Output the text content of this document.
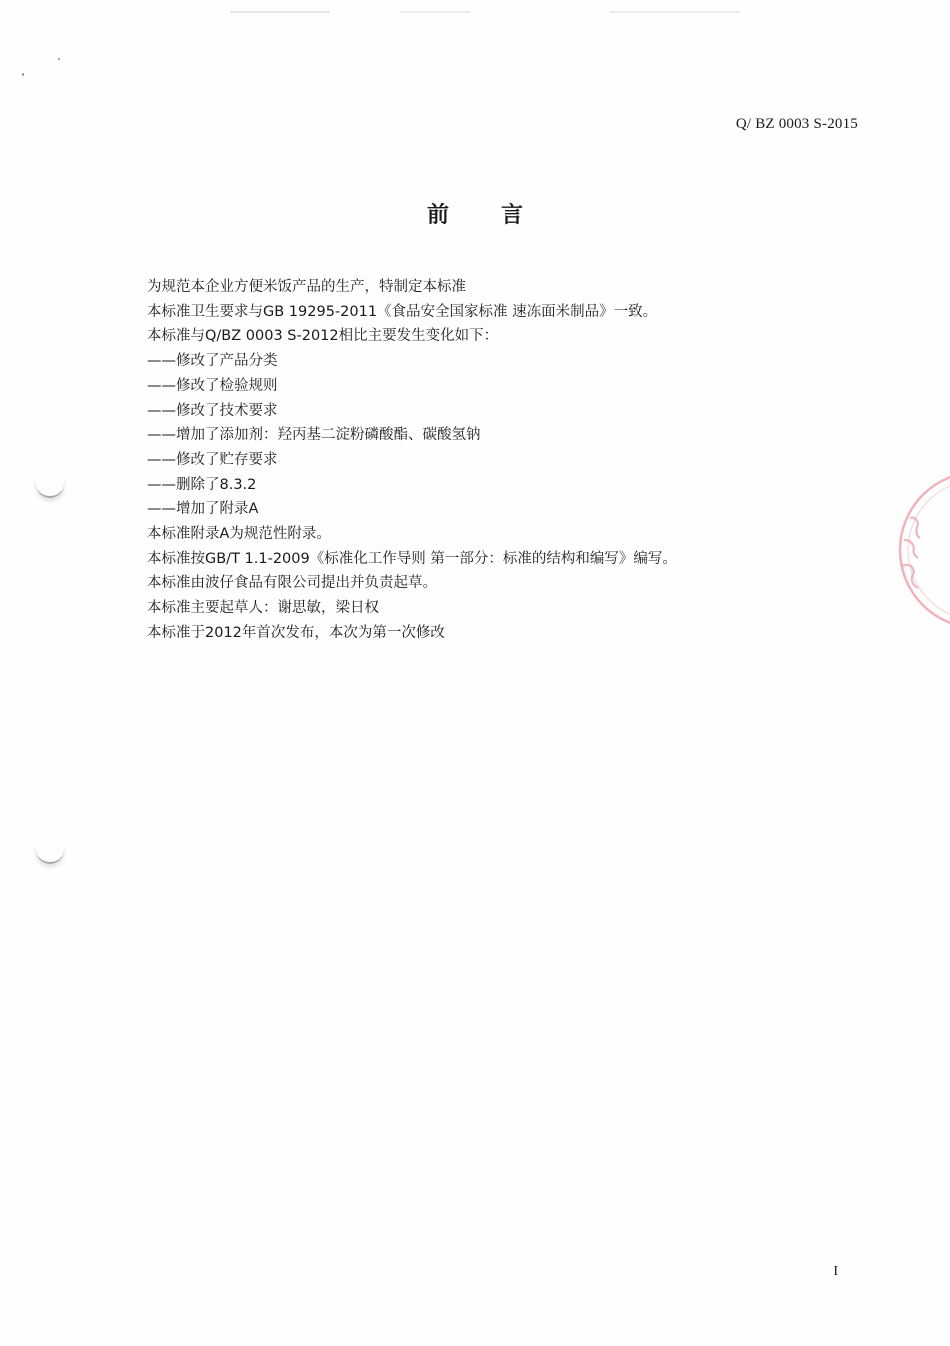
Q/ BZ 0003 S-2015
前 言
为规范本企业方便米饭产品的生产，特制定本标准
本标准卫生要求与GB 19295-2011《食品安全国家标准 速冻面米制品》一致。
本标准与Q/BZ 0003 S-2012相比主要发生变化如下：
——修改了产品分类
——修改了检验规则
——修改了技术要求
——增加了添加剂：羟丙基二淀粉磷酸酯、碳酸氢钠
——修改了贮存要求
——删除了8.3.2
——增加了附录A
本标准附录A为规范性附录。
本标准按GB/T 1.1-2009《标准化工作导则 第一部分：标准的结构和编写》编写。
本标准由波仔食品有限公司提出并负责起草。
本标准主要起草人：谢思敏，梁日权
本标准于2012年首次发布，本次为第一次修改
I
